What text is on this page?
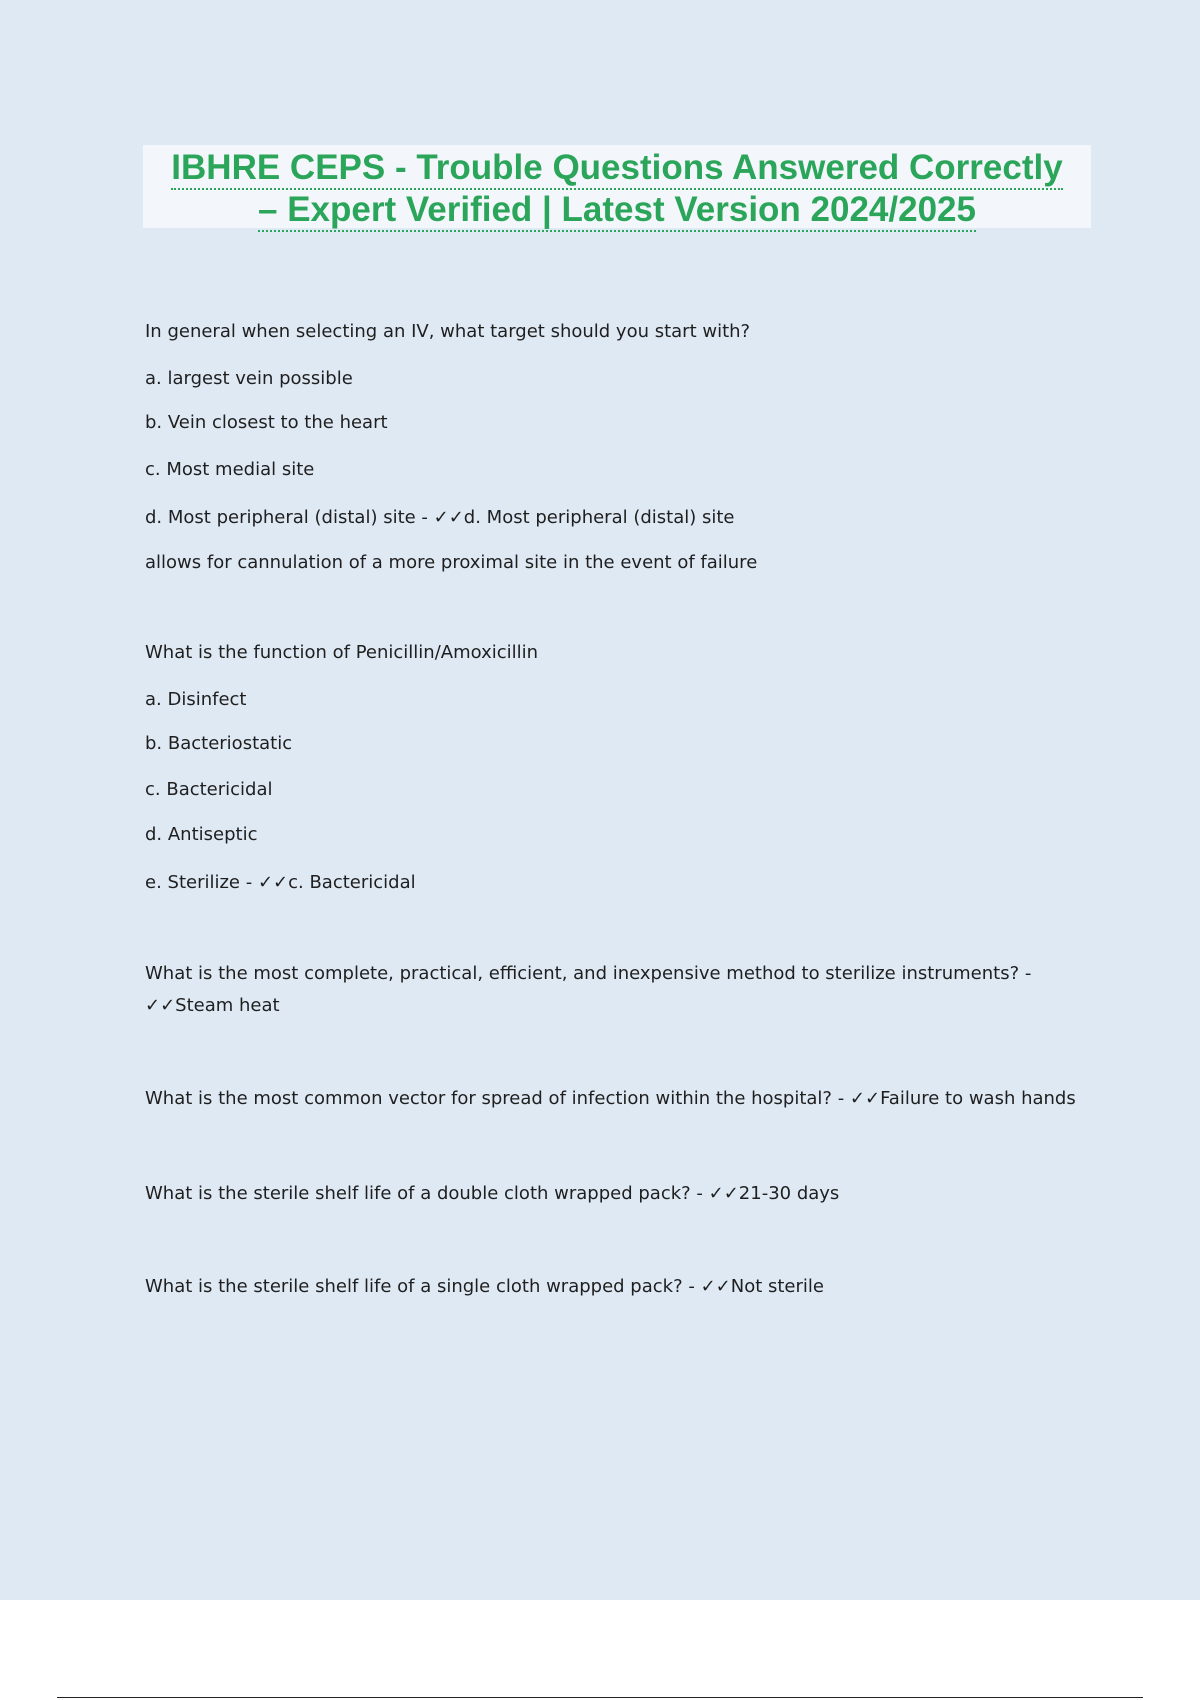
IBHRE CEPS - Trouble Questions Answered Correctly
– Expert Verified | Latest Version 2024/2025
In general when selecting an IV, what target should you start with?
a. largest vein possible
b. Vein closest to the heart
c. Most medial site
d. Most peripheral (distal) site - ✓✓d. Most peripheral (distal) site
allows for cannulation of a more proximal site in the event of failure
What is the function of Penicillin/Amoxicillin
a. Disinfect
b. Bacteriostatic
c. Bactericidal
d. Antiseptic
e. Sterilize - ✓✓c. Bactericidal
What is the most complete, practical, efficient, and inexpensive method to sterilize instruments? -
✓✓Steam heat
What is the most common vector for spread of infection within the hospital? - ✓✓Failure to wash hands
What is the sterile shelf life of a double cloth wrapped pack? - ✓✓21-30 days
What is the sterile shelf life of a single cloth wrapped pack? - ✓✓Not sterile
